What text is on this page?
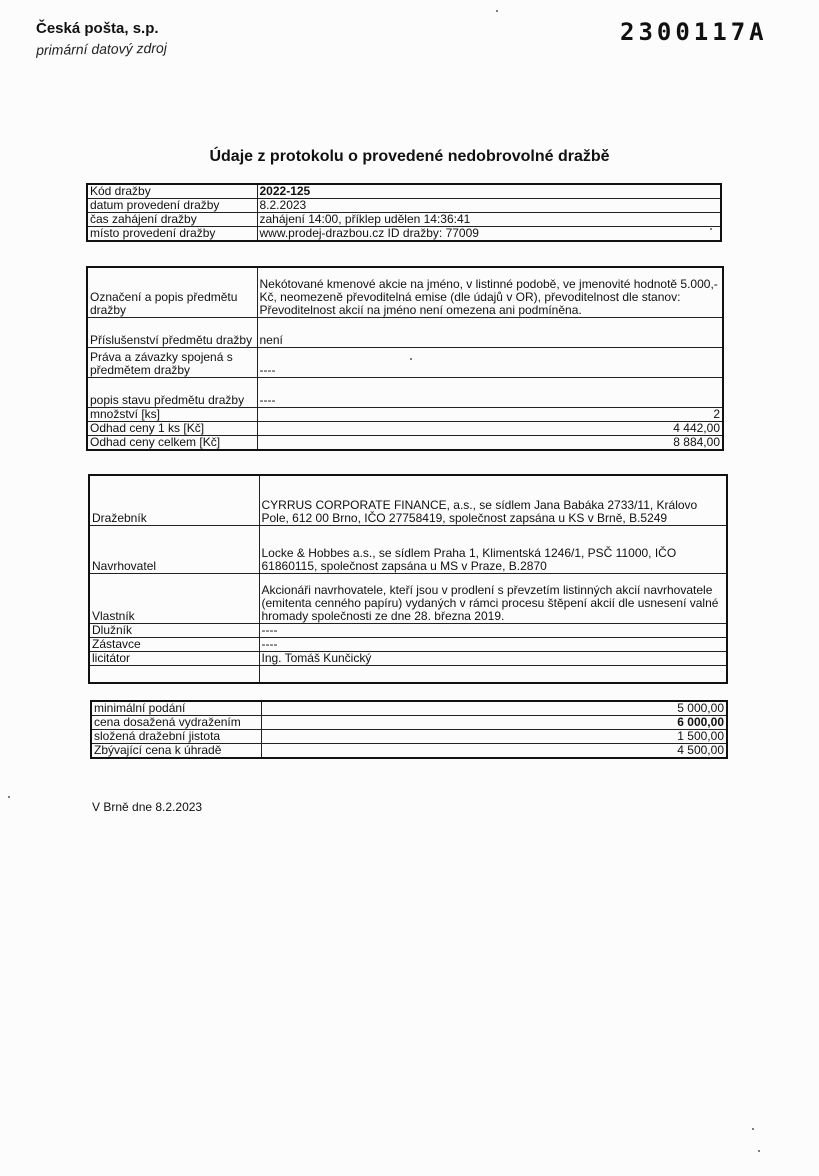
Česká pošta, s.p.
primární datový zdroj
2300117A
Údaje z protokolu o provedené nedobrovolné dražbě
Kód dražby	2022-125
datum provedení dražby	8.2.2023
čas zahájení dražby	zahájení 14:00, příklep udělen 14:36:41
místo provedení dražby	www.prodej-drazbou.cz ID dražby: 77009
Označení a popis předmětu dražby	Nekótované kmenové akcie na jméno, v listinné podobě, ve jmenovité hodnotě 5.000,- Kč, neomezeně převoditelná emise (dle údajů v OR), převoditelnost dle stanov: Převoditelnost akcií na jméno není omezena ani podmíněna.
Příslušenství předmětu dražby	není
Práva a závazky spojená s předmětem dražby	----
popis stavu předmětu dražby	----
množství [ks]	2
Odhad ceny 1 ks [Kč]	4 442,00
Odhad ceny celkem [Kč]	8 884,00
Dražebník	CYRRUS CORPORATE FINANCE, a.s., se sídlem Jana Babáka 2733/11, Královo Pole, 612 00 Brno, IČO 27758419, společnost zapsána u KS v Brně, B.5249
Navrhovatel	Locke & Hobbes a.s., se sídlem Praha 1, Klimentská 1246/1, PSČ 11000, IČO 61860115, společnost zapsána u MS v Praze, B.2870
Vlastník	Akcionáři navrhovatele, kteří jsou v prodlení s převzetím listinných akcií navrhovatele (emitenta cenného papíru) vydaných v rámci procesu štěpení akcií dle usnesení valné hromady společnosti ze dne 28. března 2019.
Dlužník	----
Zástavce	----
licitátor	Ing. Tomáš Kunčický

minimální podání	5 000,00
cena dosažená vydražením	6 000,00
složená dražební jistota	1 500,00
Zbývající cena k úhradě	4 500,00
V Brně dne 8.2.2023
